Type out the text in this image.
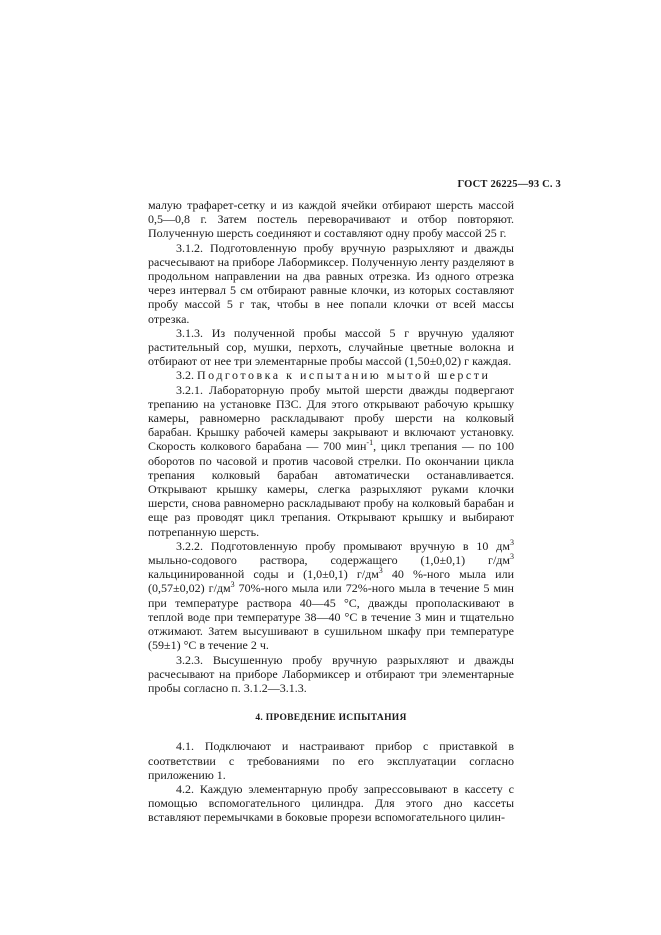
ГОСТ 26225—93 С. 3

малую трафарет-сетку и из каждой ячейки отбирают шерсть массой 0,5—0,8 г. Затем постель переворачивают и отбор повторяют. Полученную шерсть соединяют и составляют одну пробу массой 25 г.

3.1.2. Подготовленную пробу вручную разрыхляют и дважды расчесывают на приборе Лабормиксер. Полученную ленту разделяют в продольном направлении на два равных отрезка. Из одного отрезка через интервал 5 см отбирают равные клочки, из которых составляют пробу массой 5 г так, чтобы в нее попали клочки от всей массы отрезка.

3.1.3. Из полученной пробы массой 5 г вручную удаляют растительный сор, мушки, перхоть, случайные цветные волокна и отбирают от нее три элементарные пробы массой (1,50±0,02) г каждая.

3.2. Подготовка к испытанию мытой шерсти

3.2.1. Лабораторную пробу мытой шерсти дважды подвергают трепанию на установке ПЗС. Для этого открывают рабочую крышку камеры, равномерно раскладывают пробу шерсти на колковый барабан. Крышку рабочей камеры закрывают и включают установку. Скорость колкового барабана — 700 мин$^{-1}$, цикл трепания — по 100 оборотов по часовой и против часовой стрелки. По окончании цикла трепания колковый барабан автоматически останавливается. Открывают крышку камеры, слегка разрыхляют руками клочки шерсти, снова равномерно раскладывают пробу на колковый барабан и еще раз проводят цикл трепания. Открывают крышку и выбирают потрепанную шерсть.

3.2.2. Подготовленную пробу промывают вручную в 10 $дм^3$ мыльно-содового раствора, содержащего (1,0±0,1) $г/дм^3$ кальцинированной соды и (1,0±0,1) $г/дм^3$ 40 %-ного мыла или (0,57±0,02) $г/дм^3$ 70%-ного мыла или 72%-ного мыла в течение 5 мин при температуре раствора 40—45 °С, дважды прополаскивают в теплой воде при температуре 38—40 °С в течение 3 мин и тщательно отжимают. Затем высушивают в сушильном шкафу при температуре (59±1) °С в течение 2 ч.

3.2.3. Высушенную пробу вручную разрыхляют и дважды расчесывают на приборе Лабормиксер и отбирают три элементарные пробы согласно п. 3.1.2—3.1.3.

4. ПРОВЕДЕНИЕ ИСПЫТАНИЯ

4.1. Подключают и настраивают прибор с приставкой в соответствии с требованиями по его эксплуатации согласно приложению 1.

4.2. Каждую элементарную пробу запрессовывают в кассету с помощью вспомогательного цилиндра. Для этого дно кассеты вставляют перемычками в боковые прорези вспомогательного цилин-
